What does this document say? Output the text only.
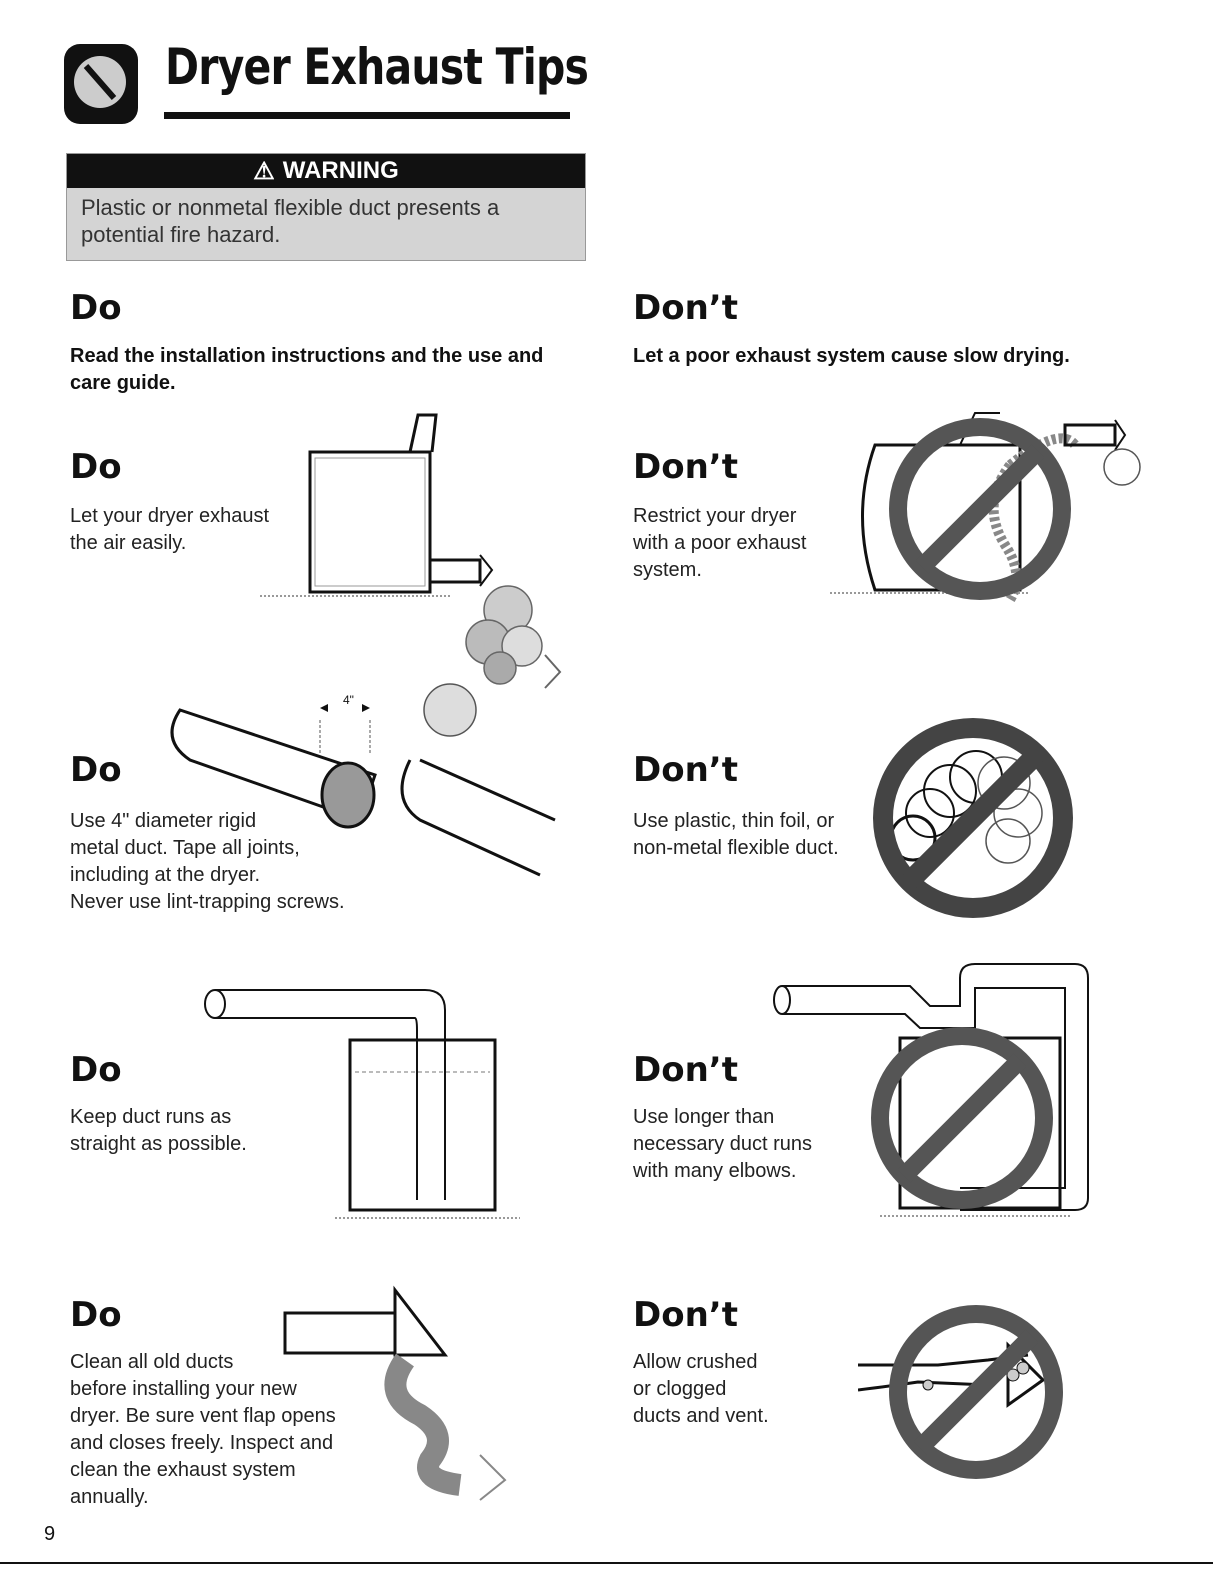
Dryer Exhaust Tips
⚠ WARNING
Plastic or nonmetal flexible duct presents a potential fire hazard.
Do
Read the installation instructions and the use and care guide.
Don’t
Let a poor exhaust system cause slow drying.
Do
Let your dryer exhaust
the air easily.
Don’t
Restrict your dryer
with a poor exhaust
system.
Do
Use 4" diameter rigid
metal duct. Tape all joints,
including at the dryer.
Never use lint-trapping screws.
4"
Don’t
Use plastic, thin foil, or
non-metal flexible duct.
Do
Keep duct runs as
straight as possible.
Don’t
Use longer than
necessary duct runs
with many elbows.
Do
Clean all old ducts
before installing your new
dryer. Be sure vent flap opens
and closes freely. Inspect and
clean the exhaust system
annually.
Don’t
Allow crushed
or clogged
ducts and vent.
9
